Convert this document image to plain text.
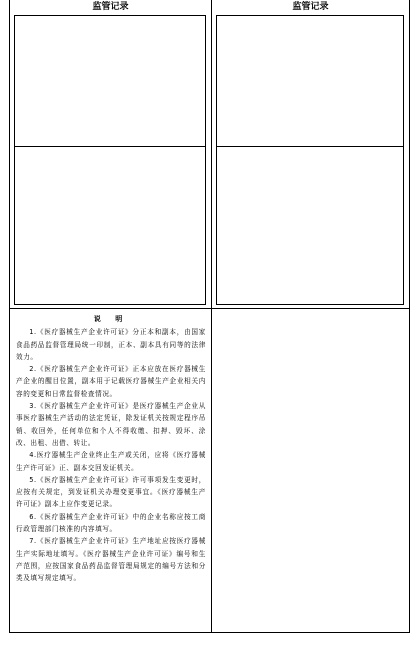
监管记录	监管记录
说 明

1.《医疗器械生产企业许可证》分正本和副本，由国家食品药品监督管理局统一印制，正本、副本具有同等的法律效力。

2.《医疗器械生产企业许可证》正本应放在医疗器械生产企业的醒目位置，副本用于记载医疗器械生产企业相关内容的变更和日常监督检查情况。

3.《医疗器械生产企业许可证》是医疗器械生产企业从事医疗器械生产活动的法定凭证，除发证机关按规定程序吊销、收回外，任何单位和个人不得收缴、扣押、毁坏、涂改、出租、出借、转让。

4.医疗器械生产企业终止生产或关闭，应将《医疗器械生产许可证》正、副本交回发证机关。

5.《医疗器械生产企业许可证》许可事项发生变更时，应按有关规定，到发证机关办理变更事宜。《医疗器械生产许可证》副本上应作变更记录。

6.《医疗器械生产企业许可证》中的企业名称应按工商行政管理部门核准的内容填写。

7.《医疗器械生产企业许可证》生产地址应按医疗器械生产实际地址填写。《医疗器械生产企业许可证》编号和生产范围，应按国家食品药品监督管理局规定的编号方法和分类及填写规定填写。
